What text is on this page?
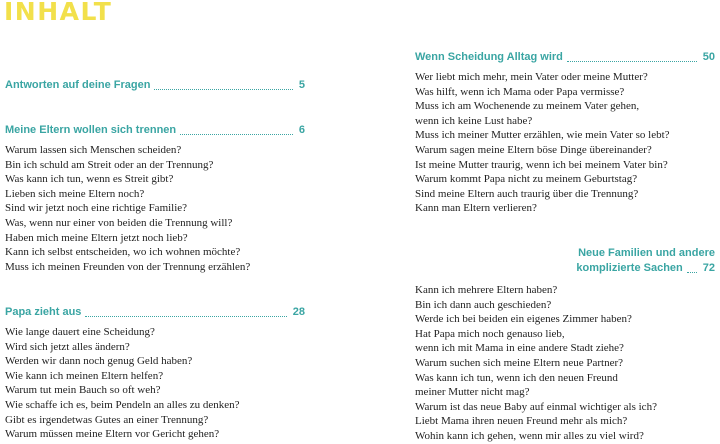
INHALT
Antworten auf deine Fragen	5
Meine Eltern wollen sich trennen	6
Warum lassen sich Menschen scheiden?
Bin ich schuld am Streit oder an der Trennung?
Was kann ich tun, wenn es Streit gibt?
Lieben sich meine Eltern noch?
Sind wir jetzt noch eine richtige Familie?
Was, wenn nur einer von beiden die Trennung will?
Haben mich meine Eltern jetzt noch lieb?
Kann ich selbst entscheiden, wo ich wohnen möchte?
Muss ich meinen Freunden von der Trennung erzählen?
Papa zieht aus	28
Wie lange dauert eine Scheidung?
Wird sich jetzt alles ändern?
Werden wir dann noch genug Geld haben?
Wie kann ich meinen Eltern helfen?
Warum tut mein Bauch so oft weh?
Wie schaffe ich es, beim Pendeln an alles zu denken?
Gibt es irgendetwas Gutes an einer Trennung?
Warum müssen meine Eltern vor Gericht gehen?
Wenn Scheidung Alltag wird	50
Wer liebt mich mehr, mein Vater oder meine Mutter?
Was hilft, wenn ich Mama oder Papa vermisse?
Muss ich am Wochenende zu meinem Vater gehen,
wenn ich keine Lust habe?
Muss ich meiner Mutter erzählen, wie mein Vater so lebt?
Warum sagen meine Eltern böse Dinge übereinander?
Ist meine Mutter traurig, wenn ich bei meinem Vater bin?
Warum kommt Papa nicht zu meinem Geburtstag?
Sind meine Eltern auch traurig über die Trennung?
Kann man Eltern verlieren?
Neue Familien und andere
komplizierte Sachen 72
Kann ich mehrere Eltern haben?
Bin ich dann auch geschieden?
Werde ich bei beiden ein eigenes Zimmer haben?
Hat Papa mich noch genauso lieb,
wenn ich mit Mama in eine andere Stadt ziehe?
Warum suchen sich meine Eltern neue Partner?
Was kann ich tun, wenn ich den neuen Freund
meiner Mutter nicht mag?
Warum ist das neue Baby auf einmal wichtiger als ich?
Liebt Mama ihren neuen Freund mehr als mich?
Wohin kann ich gehen, wenn mir alles zu viel wird?
